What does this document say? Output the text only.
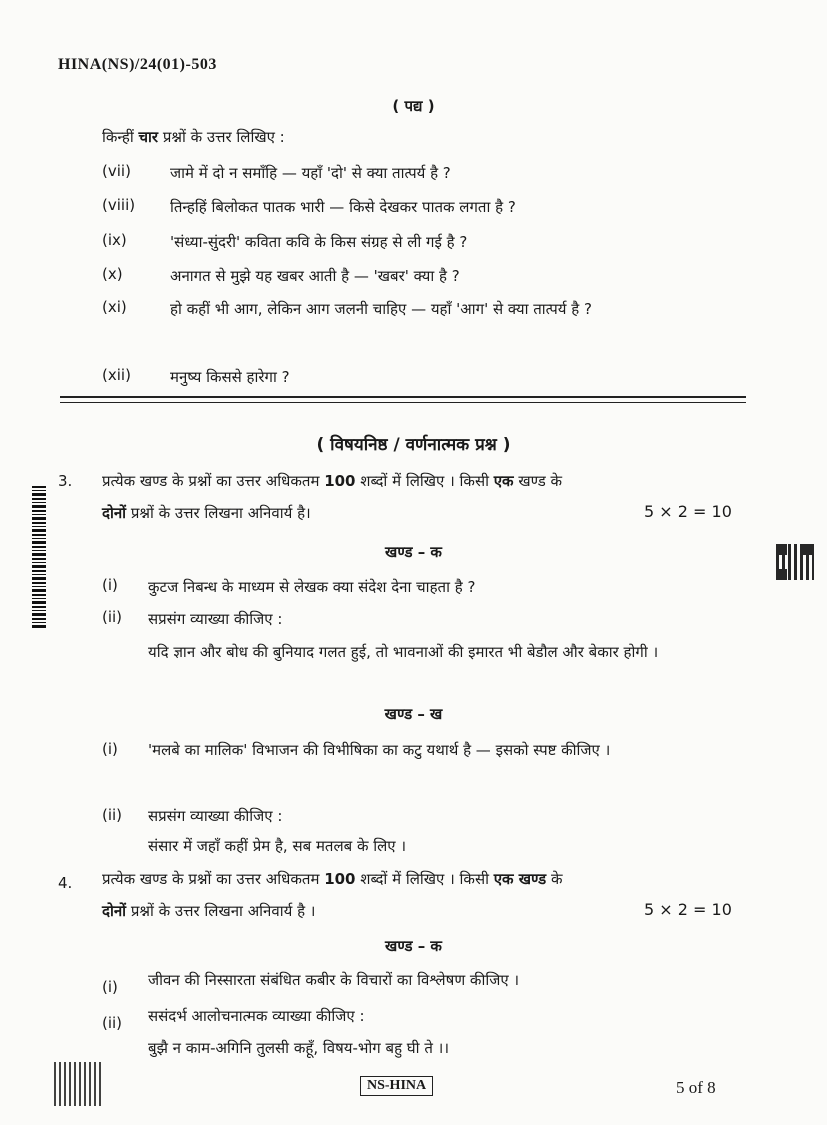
HINA(NS)/24(01)-503
( पद्य )
किन्हीं चार प्रश्नों के उत्तर लिखिए :
(vii)	जामे में दो न समाँहि — यहाँ 'दो' से क्या तात्पर्य है ?
(viii) तिन्हहिं बिलोकत पातक भारी — किसे देखकर पातक लगता है ?
(ix)	'संध्या-सुंदरी' कविता कवि के किस संग्रह से ली गई है ?
(x)	अनागत से मुझे यह खबर आती है — 'खबर' क्या है ?
(xi)	हो कहीं भी आग, लेकिन आग जलनी चाहिए — यहाँ 'आग' से क्या तात्पर्य है ?
(xii)	मनुष्य किससे हारेगा ?
( विषयनिष्ठ / वर्णनात्मक प्रश्न )
3. प्रत्येक खण्ड के प्रश्नों का उत्तर अधिकतम 100 शब्दों में लिखिए । किसी एक खण्ड के
दोनों प्रश्नों के उत्तर लिखना अनिवार्य है।	5 × 2 = 10
खण्ड – क
(i) कुटज निबन्ध के माध्यम से लेखक क्या संदेश देना चाहता है ?
(ii) सप्रसंग व्याख्या कीजिए :
यदि ज्ञान और बोध की बुनियाद गलत हुई, तो भावनाओं की इमारत भी बेडौल और बेकार होगी ।
खण्ड – ख
(i) 'मलबे का मालिक' विभाजन की विभीषिका का कटु यथार्थ है — इसको स्पष्ट कीजिए ।
(ii) सप्रसंग व्याख्या कीजिए :
संसार में जहाँ कहीं प्रेम है, सब मतलब के लिए ।
4. प्रत्येक खण्ड के प्रश्नों का उत्तर अधिकतम 100 शब्दों में लिखिए । किसी एक खण्ड के
दोनों प्रश्नों के उत्तर लिखना अनिवार्य है ।	5 × 2 = 10
खण्ड – क
(i) जीवन की निस्सारता संबंधित कबीर के विचारों का विश्लेषण कीजिए ।
(ii) ससंदर्भ आलोचनात्मक व्याख्या कीजिए :
बुझै न काम-अगिनि तुलसी कहूँ, विषय-भोग बहु घी ते ।।
NS-HINA	5 of 8
